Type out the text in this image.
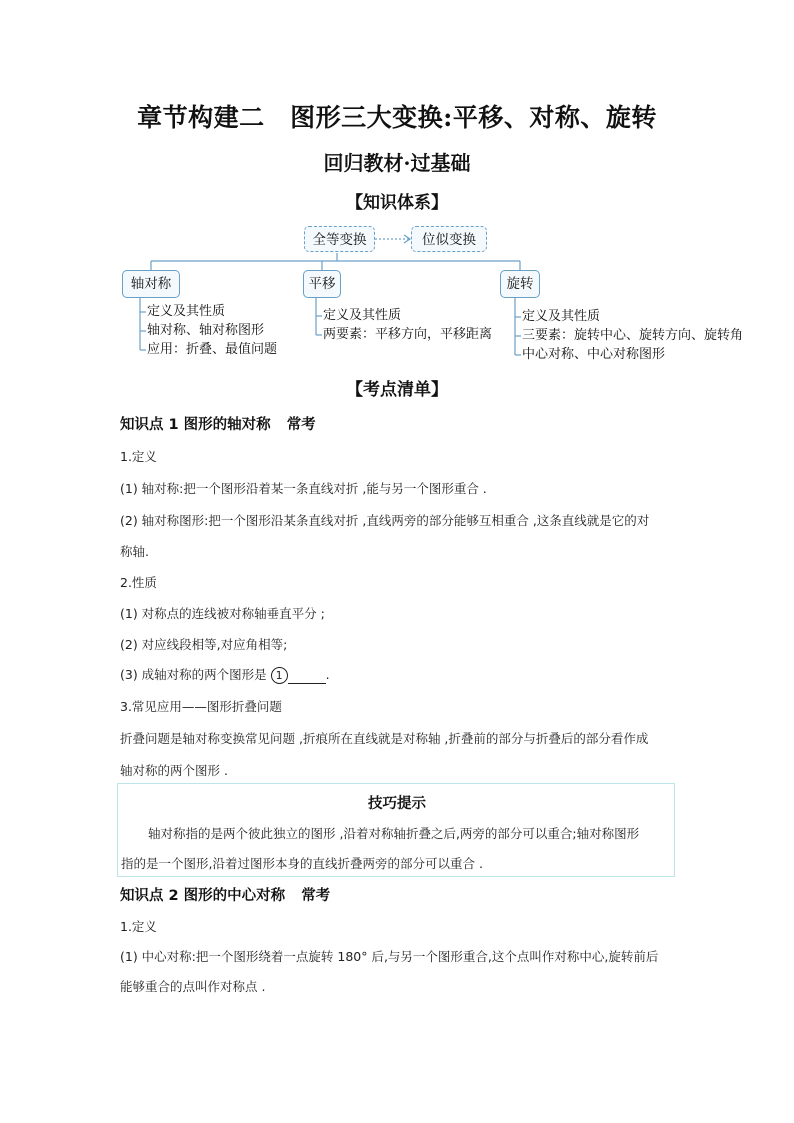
章节构建二　图形三大变换:平移、对称、旋转
回归教材·过基础
【知识体系】
全等变换	位似变换
轴对称	平移	旋转
定义及其性质
轴对称、轴对称图形
应用：折叠、最值问题
定义及其性质
两要素：平移方向，平移距离
定义及其性质
三要素：旋转中心、旋转方向、旋转角
中心对称、中心对称图形
【考点清单】
知识点 1 图形的轴对称 常考
1.定义
(1) 轴对称:把一个图形沿着某一条直线对折 ,能与另一个图形重合 .
(2) 轴对称图形:把一个图形沿某条直线对折 ,直线两旁的部分能够互相重合 ,这条直线就是它的对
称轴.
2.性质
(1) 对称点的连线被对称轴垂直平分 ;
(2) 对应线段相等,对应角相等;
(3) 成轴对称的两个图形是 1	.
3.常见应用——图形折叠问题
折叠问题是轴对称变换常见问题 ,折痕所在直线就是对称轴 ,折叠前的部分与折叠后的部分看作成
轴对称的两个图形 .
技巧提示
轴对称指的是两个彼此独立的图形 ,沿着对称轴折叠之后,两旁的部分可以重合;轴对称图形
指的是一个图形,沿着过图形本身的直线折叠两旁的部分可以重合 .
知识点 2 图形的中心对称 常考
1.定义
(1) 中心对称:把一个图形绕着一点旋转 180° 后,与另一个图形重合,这个点叫作对称中心,旋转前后
能够重合的点叫作对称点 .
